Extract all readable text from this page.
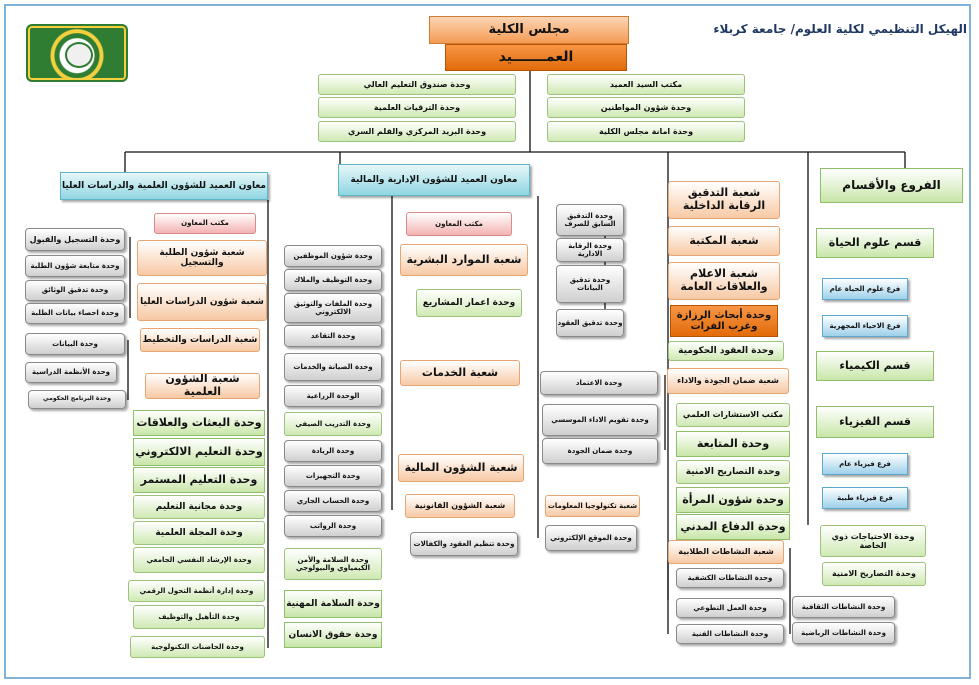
الهيكل التنظيمي لكلية العلوم/ جامعة كربلاء
مجلس الكلية
العمـــــــيد
وحدة صندوق التعليم العالي
وحدة الترقيات العلمية
وحدة البريد المركزي والقلم السري
مكتب السيد العميد
وحدة شؤون المواطنين
وحدة امانة مجلس الكلية
معاون العميد للشؤون العلمية والدراسات العليا
معاون العميد للشؤون الإدارية والمالية	الفروع والأقسام
مكتب المعاون
شعبة شؤون الطلبة والتسجيل
وحدة التسجيل والقبول
وحدة متابعة شؤون الطلبة
وحدة تدقيق الوثائق
وحدة احصاء بيانات الطلبة
شعبة شؤون الدراسات العليا
شعبة الدراسات والتخطيط
وحدة البيانات
وحدة الأنظمة الدراسية
وحدة البرنامج الحكومي
شعبة الشؤون العلمية
وحدة البعثات والعلاقات
وحدة التعليم الالكتروني
وحدة التعليم المستمر
وحدة مجانية التعليم
وحدة المجلة العلمية
وحدة الإرشاد النفسي الجامعي
وحدة إدارة أنظمة التحول الرقمي
وحدة التأهيل والتوظيف
وحدة الحاضنات التكنولوجية
مكتب المعاون
شعبة الموارد البشرية
وحدة شؤون الموظفين
وحدة التوظيف والملاك
وحدة الملفات والتوثيق الالكتروني
وحدة التقاعد
وحدة اعمار المشاريع
شعبة الخدمات
وحدة الصيانة والخدمات
الوحدة الزراعية
شعبة الشؤون المالية
وحدة التدريب الصيفي
وحدة الريادة
وحدة التجهيزات
وحدة الحساب الجاري
وحدة الرواتب
شعبة الشؤون القانونية
وحدة تنظيم العقود والكفالات
وحدة السلامة والأمن الكيمياوي والبيولوجي
وحدة السلامة المهنية
وحدة حقوق الانسان
وحدة التدقيق السابق للصرف
وحدة الرقابة الادارية
وحدة تدقيق البيانات
وحدة تدقيق العقود
شعبة التدقيق الرقابة الداخلية
شعبة المكتبة
شعبة الاعلام والعلاقات العامة
وحدة أبحاث الرزازة وغرب الفرات
وحدة العقود الحكومية
شعبة ضمان الجودة والاداء
وحدة الاعتماد
وحدة تقويم الاداء الموسسي
وحدة ضمان الجودة
مكتب الاستشارات العلمي
وحدة المتابعة
وحدة التصاريح الامنية
وحدة شؤون المرأة
وحدة الدفاع المدني
شعبة تكنولوجيا المعلومات
وحدة الموقع الإلكتروني
شعبة النشاطات الطلابية
وحدة النشاطات الكشفية
وحدة العمل التطوعي
وحدة النشاطات الفنية
وحدة النشاطات الثقافية
وحدة النشاطات الرياضية
قسم علوم الحياة
فرع علوم الحياة عام
فرع الاحياء المجهرية
قسم الكيمياء
قسم الفيزياء
فرع فيزياء عام
فرع فيزياء طبية
وحدة الاحتياجات ذوي الخاصة
وحدة التصاريح الامنية
